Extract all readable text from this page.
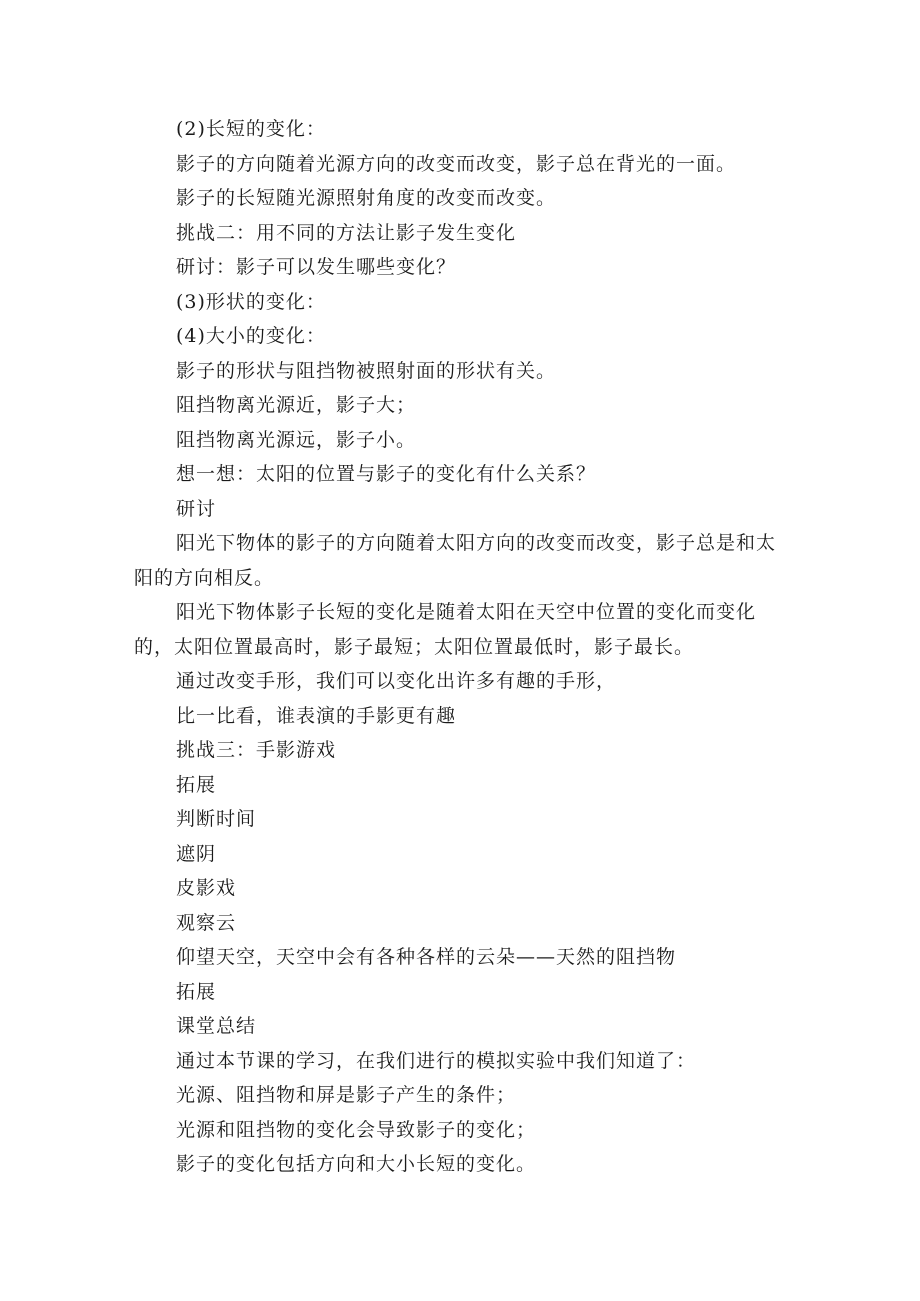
(2)长短的变化：
影子的方向随着光源方向的改变而改变，影子总在背光的一面。
影子的长短随光源照射角度的改变而改变。
挑战二：用不同的方法让影子发生变化
研讨：影子可以发生哪些变化？
(3)形状的变化：
(4)大小的变化：
影子的形状与阻挡物被照射面的形状有关。
阻挡物离光源近，影子大；
阻挡物离光源远，影子小。
想一想：太阳的位置与影子的变化有什么关系？
研讨
阳光下物体的影子的方向随着太阳方向的改变而改变，影子总是和太
阳的方向相反。
阳光下物体影子长短的变化是随着太阳在天空中位置的变化而变化
的，太阳位置最高时，影子最短；太阳位置最低时，影子最长。
通过改变手形，我们可以变化出许多有趣的手形，
比一比看，谁表演的手影更有趣
挑战三：手影游戏
拓展
判断时间
遮阴
皮影戏
观察云
仰望天空，天空中会有各种各样的云朵——天然的阻挡物
拓展
课堂总结
通过本节课的学习，在我们进行的模拟实验中我们知道了：
光源、阻挡物和屏是影子产生的条件；
光源和阻挡物的变化会导致影子的变化；
影子的变化包括方向和大小长短的变化。
